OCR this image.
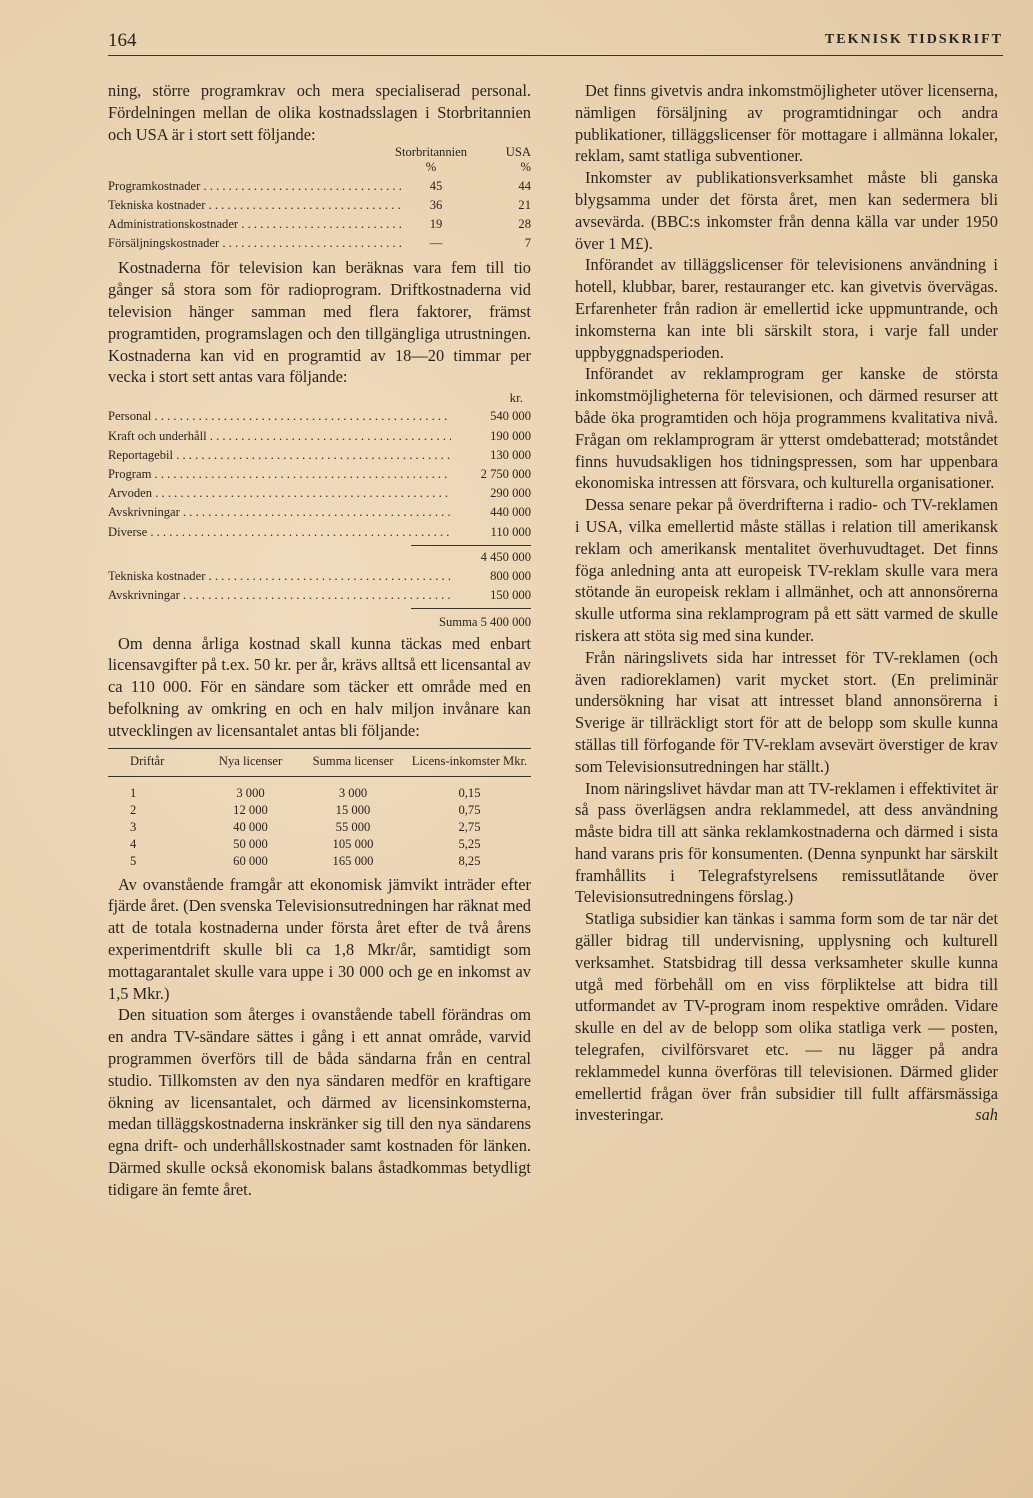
164	TEKNISK TIDSKRIFT

ning, större programkrav och mera specialiserad personal. Fördelningen mellan de olika kostnadsslagen i Storbritannien och USA är i stort sett följande:

Storbritannien	USA
%	%
Programkostnader . . .	45	44
Tekniska kostnader . . .	36	21
Administrationskostnader . . .	19	28
Försäljningskostnader . . .	—	7

Kostnaderna för television kan beräknas vara fem till tio gånger så stora som för radioprogram. Driftkostnaderna vid television hänger samman med flera faktorer, främst programtiden, programslagen och den tillgängliga utrustningen. Kostnaderna kan vid en programtid av 18—20 timmar per vecka i stort sett antas vara följande:

kr.
Personal . . .	540 000
Kraft och underhåll . . .	190 000
Reportagebil . . .	130 000
Program . . .	2 750 000
Arvoden . . .	290 000
Avskrivningar . . .	440 000
Diverse . . .	110 000
4 450 000
Tekniska kostnader . . .	800 000
Avskrivningar . . .	150 000
Summa 5 400 000

Om denna årliga kostnad skall kunna täckas med enbart licensavgifter på t.ex. 50 kr. per år, krävs alltså ett licensantal av ca 110 000. För en sändare som täcker ett område med en befolkning av omkring en och en halv miljon invånare kan utvecklingen av licensantalet antas bli följande:

Driftår	Nya licenser	Summa licenser	Licens-inkomster Mkr.
1	3 000	3 000	0,15
2	12 000	15 000	0,75
3	40 000	55 000	2,75
4	50 000	105 000	5,25
5	60 000	165 000	8,25

Av ovanstående framgår att ekonomisk jämvikt inträder efter fjärde året. (Den svenska Televisionsutredningen har räknat med att de totala kostnaderna under första året efter de två årens experimentdrift skulle bli ca 1,8 Mkr/år, samtidigt som mottagarantalet skulle vara uppe i 30 000 och ge en inkomst av 1,5 Mkr.)

Den situation som återges i ovanstående tabell förändras om en andra TV-sändare sättes i gång i ett annat område, varvid programmen överförs till de båda sändarna från en central studio. Tillkomsten av den nya sändaren medför en kraftigare ökning av licensantalet, och därmed av licensinkomsterna, medan tilläggskostnaderna inskränker sig till den nya sändarens egna drift- och underhållskostnader samt kostnaden för länken. Därmed skulle också ekonomisk balans åstadkommas betydligt tidigare än femte året.

Det finns givetvis andra inkomstmöjligheter utöver licenserna, nämligen försäljning av programtidningar och andra publikationer, tilläggslicenser för mottagare i allmänna lokaler, reklam, samt statliga subventioner.

Inkomster av publikationsverksamhet måste bli ganska blygsamma under det första året, men kan sedermera bli avsevärda. (BBC:s inkomster från denna källa var under 1950 över 1 M£).

Införandet av tilläggslicenser för televisionens användning i hotell, klubbar, barer, restauranger etc. kan givetvis övervägas. Erfarenheter från radion är emellertid icke uppmuntrande, och inkomsterna kan inte bli särskilt stora, i varje fall under uppbyggnadsperioden.

Införandet av reklamprogram ger kanske de största inkomstmöjligheterna för televisionen, och därmed resurser att både öka programtiden och höja programmens kvalitativa nivå. Frågan om reklamprogram är ytterst omdebatterad; motståndet finns huvudsakligen hos tidningspressen, som har uppenbara ekonomiska intressen att försvara, och kulturella organisationer.

Dessa senare pekar på överdrifterna i radio- och TV-reklamen i USA, vilka emellertid måste ställas i relation till amerikansk reklam och amerikansk mentalitet överhuvudtaget. Det finns föga anledning anta att europeisk TV-reklam skulle vara mera stötande än europeisk reklam i allmänhet, och att annonsörerna skulle utforma sina reklamprogram på ett sätt varmed de skulle riskera att stöta sig med sina kunder.

Från näringslivets sida har intresset för TV-reklamen (och även radioreklamen) varit mycket stort. (En preliminär undersökning har visat att intresset bland annonsörerna i Sverige är tillräckligt stort för att de belopp som skulle kunna ställas till förfogande för TV-reklam avsevärt överstiger de krav som Televisionsutredningen har ställt.)

Inom näringslivet hävdar man att TV-reklamen i effektivitet är så pass överlägsen andra reklammedel, att dess användning måste bidra till att sänka reklamkostnaderna och därmed i sista hand varans pris för konsumenten. (Denna synpunkt har särskilt framhållits i Telegrafstyrelsens remissutlåtande över Televisionsutredningens förslag.)

Statliga subsidier kan tänkas i samma form som de tar när det gäller bidrag till undervisning, upplysning och kulturell verksamhet. Statsbidrag till dessa verksamheter skulle kunna utgå med förbehåll om en viss förpliktelse att bidra till utformandet av TV-program inom respektive områden. Vidare skulle en del av de belopp som olika statliga verk — posten, telegrafen, civilförsvaret etc. — nu lägger på andra reklammedel kunna överföras till televisionen. Därmed glider emellertid frågan över från subsidier till fullt affärsmässiga investeringar.	sah
